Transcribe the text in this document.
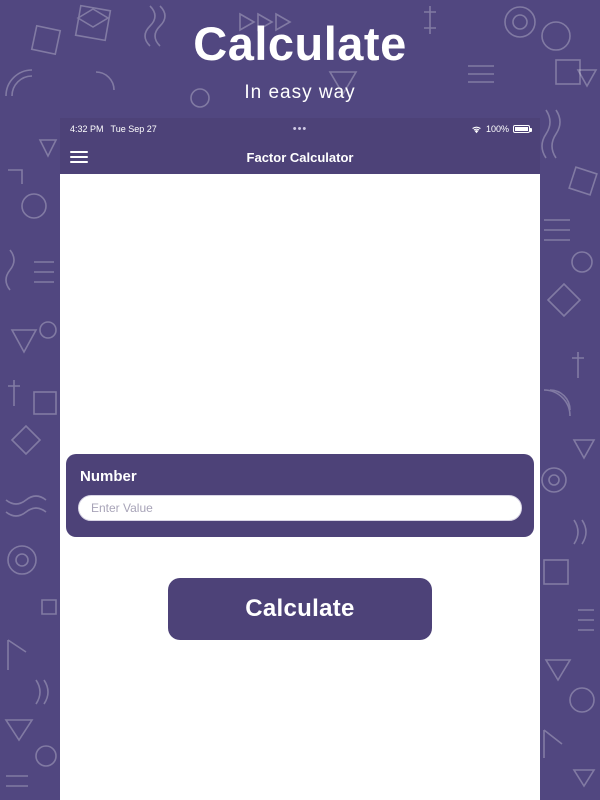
Calculate
In easy way
4:32 PM Tue Sep 27	•••	100%
Factor Calculator
Number
Enter Value
Calculate
